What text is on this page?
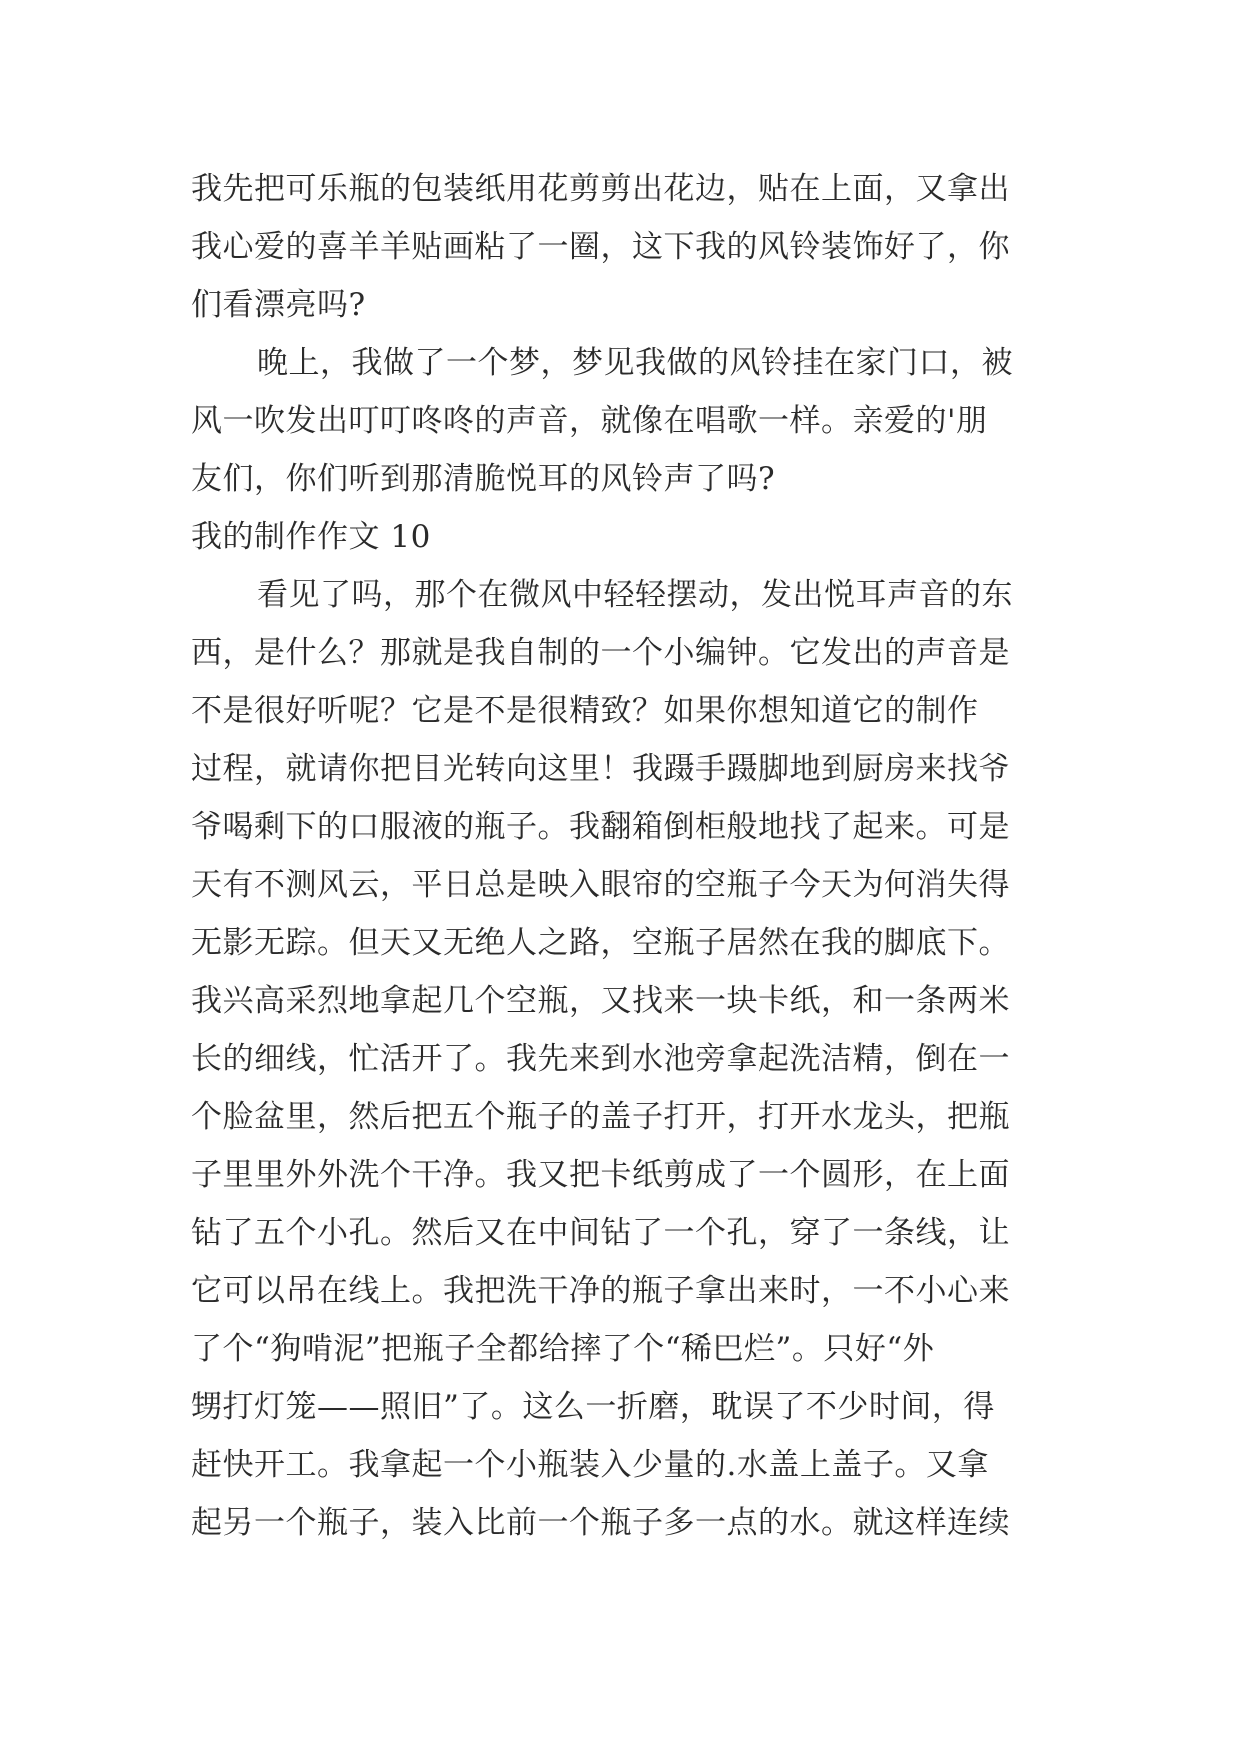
我先把可乐瓶的包装纸用花剪剪出花边，贴在上面，又拿出
我心爱的喜羊羊贴画粘了一圈，这下我的风铃装饰好了，你
们看漂亮吗?
晚上，我做了一个梦，梦见我做的风铃挂在家门口，被
风一吹发出叮叮咚咚的声音，就像在唱歌一样。亲爱的'朋
友们，你们听到那清脆悦耳的风铃声了吗?
我的制作作文 10
看见了吗，那个在微风中轻轻摆动，发出悦耳声音的东
西，是什么？那就是我自制的一个小编钟。它发出的声音是
不是很好听呢？它是不是很精致？如果你想知道它的制作
过程，就请你把目光转向这里！我蹑手蹑脚地到厨房来找爷
爷喝剩下的口服液的瓶子。我翻箱倒柜般地找了起来。可是
天有不测风云，平日总是映入眼帘的空瓶子今天为何消失得
无影无踪。但天又无绝人之路，空瓶子居然在我的脚底下。
我兴高采烈地拿起几个空瓶，又找来一块卡纸，和一条两米
长的细线，忙活开了。我先来到水池旁拿起洗洁精，倒在一
个脸盆里，然后把五个瓶子的盖子打开，打开水龙头，把瓶
子里里外外洗个干净。我又把卡纸剪成了一个圆形，在上面
钻了五个小孔。然后又在中间钻了一个孔，穿了一条线，让
它可以吊在线上。我把洗干净的瓶子拿出来时，一不小心来
了个“狗啃泥”把瓶子全都给摔了个“稀巴烂”。只好“外
甥打灯笼——照旧”了。这么一折磨，耽误了不少时间，得
赶快开工。我拿起一个小瓶装入少量的.水盖上盖子。又拿
起另一个瓶子，装入比前一个瓶子多一点的水。就这样连续
